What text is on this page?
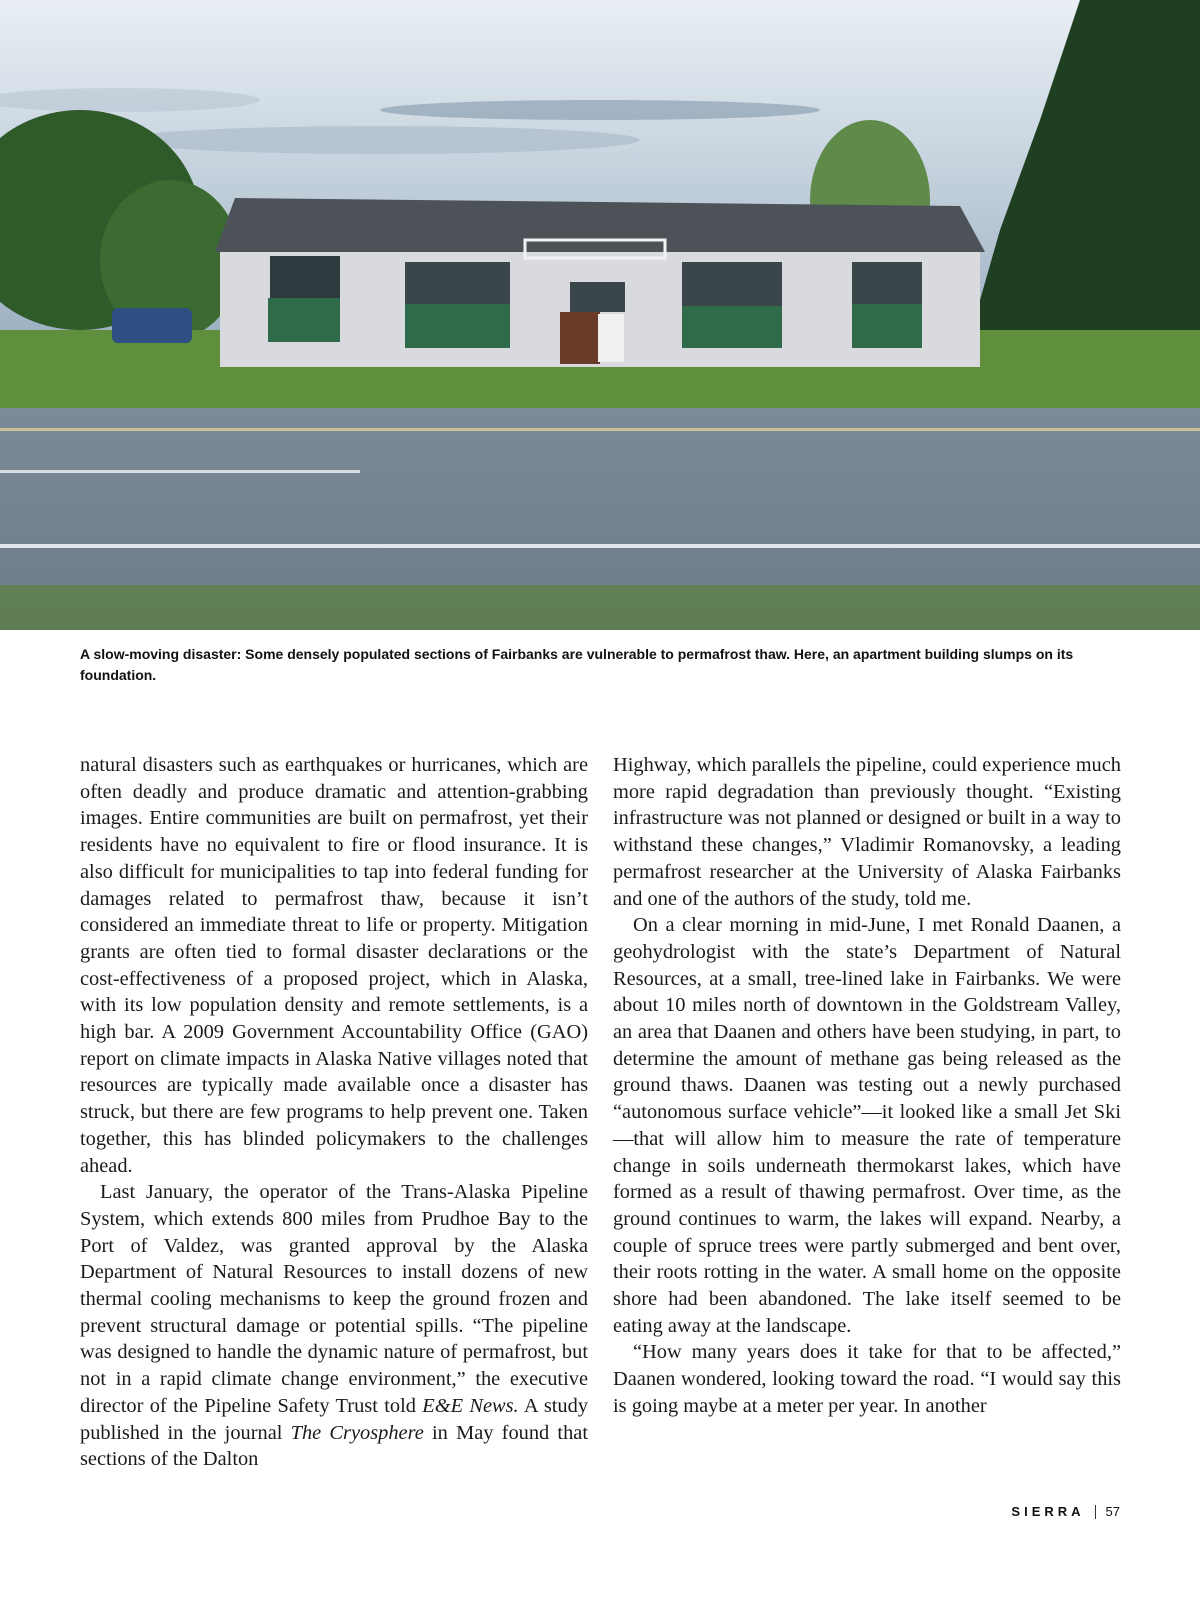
A slow-moving disaster: Some densely populated sections of Fairbanks are vulnerable to permafrost thaw. Here, an apartment building slumps on its foundation.

natural disasters such as earthquakes or hurricanes, which are often deadly and produce dramatic and attention-grabbing images. Entire communities are built on permafrost, yet their residents have no equivalent to fire or flood insurance. It is also difficult for municipalities to tap into federal funding for damages related to permafrost thaw, because it isn’t considered an immediate threat to life or property. Mitigation grants are often tied to formal disaster declarations or the cost-effectiveness of a proposed project, which in Alaska, with its low population density and remote settlements, is a high bar. A 2009 Government Accountability Office (GAO) report on climate impacts in Alaska Native villages noted that resources are typically made available once a disaster has struck, but there are few programs to help prevent one. Taken together, this has blinded policymakers to the challenges ahead.

Last January, the operator of the Trans-Alaska Pipeline System, which extends 800 miles from Prudhoe Bay to the Port of Valdez, was granted approval by the Alaska Department of Natural Resources to install dozens of new thermal cooling mechanisms to keep the ground frozen and prevent structural damage or potential spills. “The pipeline was designed to handle the dynamic nature of permafrost, but not in a rapid climate change environment,” the executive director of the Pipeline Safety Trust told E&E News. A study published in the journal The Cryosphere in May found that sections of the Dalton

Highway, which parallels the pipeline, could experience much more rapid degradation than previously thought. “Existing infrastructure was not planned or designed or built in a way to withstand these changes,” Vladimir Romanovsky, a leading permafrost researcher at the University of Alaska Fairbanks and one of the authors of the study, told me.

On a clear morning in mid-June, I met Ronald Daanen, a geohydrologist with the state’s Department of Natural Resources, at a small, tree-lined lake in Fairbanks. We were about 10 miles north of downtown in the Goldstream Valley, an area that Daanen and others have been studying, in part, to determine the amount of methane gas being released as the ground thaws. Daanen was testing out a newly purchased “autonomous surface vehicle”—it looked like a small Jet Ski—that will allow him to measure the rate of temperature change in soils underneath thermokarst lakes, which have formed as a result of thawing permafrost. Over time, as the ground continues to warm, the lakes will expand. Nearby, a couple of spruce trees were partly submerged and bent over, their roots rotting in the water. A small home on the opposite shore had been abandoned. The lake itself seemed to be eating away at the landscape.

“How many years does it take for that to be affected,” Daanen wondered, looking toward the road. “I would say this is going maybe at a meter per year. In another

SIERRA 57
